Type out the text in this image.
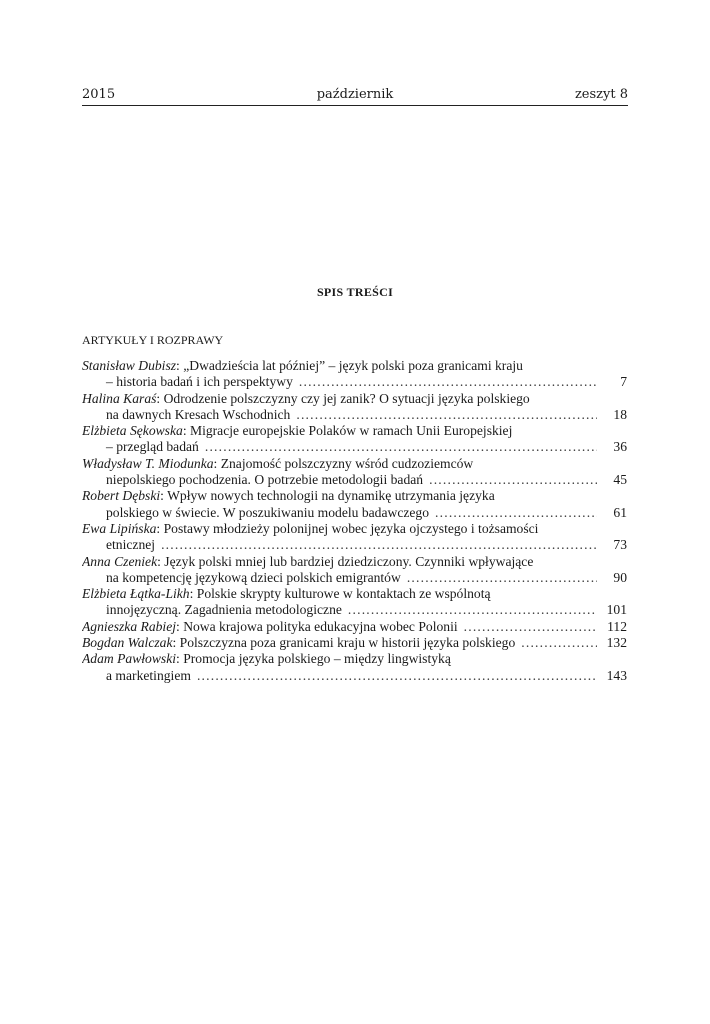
2015	październik	zeszyt 8
SPIS TREŚCI
ARTYKUŁY I ROZPRAWY
Stanisław Dubisz: „Dwadzieścia lat później” – język polski poza granicami kraju
– historia badań i ich perspektywy .....	7
Halina Karaś: Odrodzenie polszczyzny czy jej zanik? O sytuacji języka polskiego
na dawnych Kresach Wschodnich .....	18
Elżbieta Sękowska: Migracje europejskie Polaków w ramach Unii Europejskiej
– przegląd badań .....	36
Władysław T. Miodunka: Znajomość polszczyzny wśród cudzoziemców
niepolskiego pochodzenia. O potrzebie metodologii badań .....	45
Robert Dębski: Wpływ nowych technologii na dynamikę utrzymania języka
polskiego w świecie. W poszukiwaniu modelu badawczego .....	61
Ewa Lipińska: Postawy młodzieży polonijnej wobec języka ojczystego i tożsamości
etnicznej .....	73
Anna Czeniek: Język polski mniej lub bardziej dziedziczony. Czynniki wpływające
na kompetencję językową dzieci polskich emigrantów .....	90
Elżbieta Łątka-Likh: Polskie skrypty kulturowe w kontaktach ze wspólnotą
innojęzyczną. Zagadnienia metodologiczne .....	101
Agnieszka Rabiej: Nowa krajowa polityka edukacyjna wobec Polonii .....	112
Bogdan Walczak: Polszczyzna poza granicami kraju w historii języka polskiego .....	132
Adam Pawłowski: Promocja języka polskiego – między lingwistyką
a marketingiem .....	143
